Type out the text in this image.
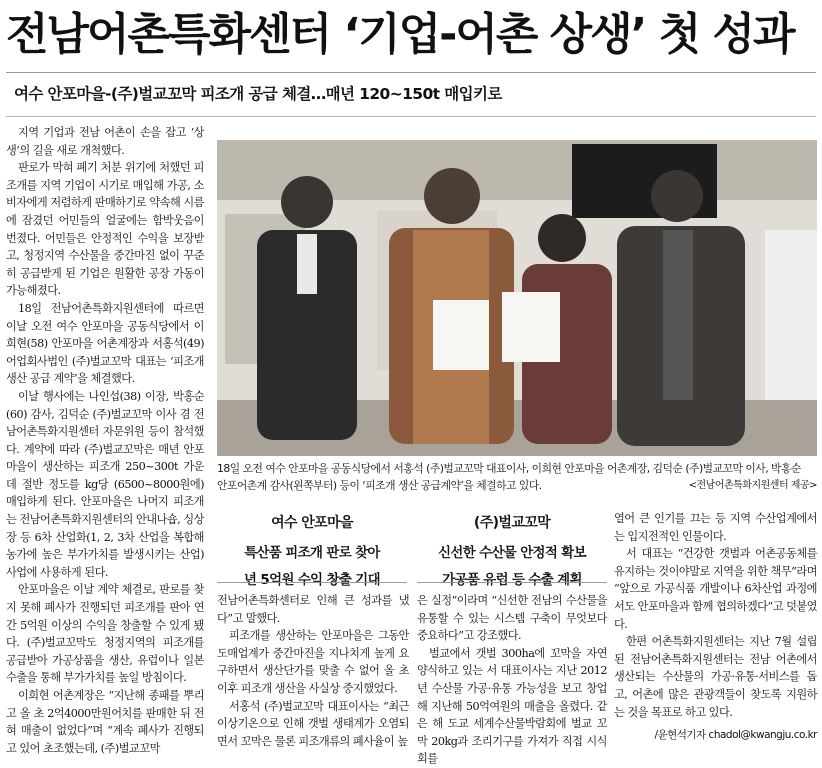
전남어촌특화센터 ‘기업-어촌 상생’ 첫 성과
여수 안포마을-(주)벌교꼬막 피조개 공급 체결…매년 120~150t 매입키로

지역 기업과 전남 어촌이 손을 잡고 ‘상생’의 길을 새로 개척했다.

판로가 막혀 폐기 처분 위기에 처했던 피조개를 지역 기업이 시기로 매입해 가공, 소비자에게 저렴하게 판매하기로 약속해 시름에 잠겼던 어민들의 얼굴에는 함박웃음이 번졌다. 어민들은 안정적인 수익을 보장받고, 청정지역 수산물을 중간마진 없이 꾸준히 공급받게 된 기업은 원활한 공장 가동이 가능해졌다.

18일 전남어촌특화지원센터에 따르면 이날 오전 여수 안포마을 공동식당에서 이희현(58) 안포마을 어촌계장과 서홍석(49) 어업회사법인 (주)벌교꼬막 대표는 ‘피조개 생산 공급 계약’을 체결했다.

이날 행사에는 나인섭(38) 이장, 박홍순(60) 감사, 김덕순 (주)벌교꼬막 이사 겸 전남어촌특화지원센터 자문위원 등이 참석했다. 계약에 따라 (주)벌교꼬막은 매년 안포마을이 생산하는 피조개 250~300t 가운데 절반 정도를 kg당 (6500~8000원에) 매입하게 된다. 안포마을은 나머지 피조개는 전남어촌특화지원센터의 안내나숍, 싱상장 등 6차 산업화(1, 2, 3차 산업을 복합해 농가에 높은 부가가치를 발생시키는 산업) 사업에 사용하게 된다.

안포마을은 이날 계약 체결로, 판로를 찾지 못해 폐사가 진행되던 피조개를 판아 연간 5억원 이상의 수익을 창출할 수 있게 됐다. (주)벌교꼬막도 청정지역의 피조개를 공급받아 가공상품을 생산, 유럽이나 일본 수출을 통해 부가가치를 높일 방침이다.

이희현 어촌계장은 “지난해 종패를 뿌리고 올 초 2억4000만원어치를 판매한 뒤 전혀 매출이 없었다”며 “계속 폐사가 진행되고 있어 초조했는데, (주)벌교꼬막

18일 오전 여수 안포마을 공동식당에서 서홍석 (주)벌교꼬막 대표이사, 이희현 안포마을 어촌계장, 김덕순 (주)벌교꼬막 이사, 박홍순
안포어촌계 감사(왼쪽부터) 등이 ‘피조개 생산 공급계약’을 체결하고 있다.	<전남어촌특화지원센터 제공>
여수 안포마을
특산품 피조개 판로 찾아
년 5억원 수익 창출 기대
(주)벌교꼬막
신선한 수산물 안정적 확보
가공품 유럽 등 수출 계획

전남어촌특화센터로 인해 큰 성과를 냈다”고 말했다.

피조개를 생산하는 안포마을은 그동안 도매업계가 중간마진을 지나치게 높게 요구하면서 생산단가를 맞출 수 없어 올 초 이후 피조개 생산을 사실상 중지했었다.

서홍석 (주)벌교꼬막 대표이사는 “최근 이상기온으로 인해 갯벌 생태계가 오염되면서 꼬막은 물론 피조개류의 폐사율이 높

은 실정”이라며 “신선한 전남의 수산물을 유통할 수 있는 시스템 구축이 무엇보다 중요하다”고 강조했다.

벌교에서 갯벌 300ha에 꼬막을 자연양식하고 있는 서 대표이사는 지난 2012년 수산물 가공·유통 가능성을 보고 창업해 지난해 50억여원의 매출을 올렸다. 같은 해 도교 세계수산물박람회에 벌교 꼬막 20kg과 조리기구를 가져가 직접 시식회를

열어 큰 인기를 끄는 등 지역 수산업계에서는 입지전적인 인물이다.

서 대표는 “건강한 갯벌과 어촌공동체를 유지하는 것이야말로 지역을 위한 책무”라며 “앞으로 가공식품 개발이나 6차산업 과정에서도 안포마을과 함께 협의하겠다”고 덧붙였다.

한편 어촌특화지원센터는 지난 7월 설립된 전남어촌특화지원센터는 전남 어촌에서 생산되는 수산물의 가공·유통·서비스를 돕고, 어촌에 많은 관광객들이 찾도록 지원하는 것을 목표로 하고 있다.

/윤현석기자 chadol@kwangju.co.kr
